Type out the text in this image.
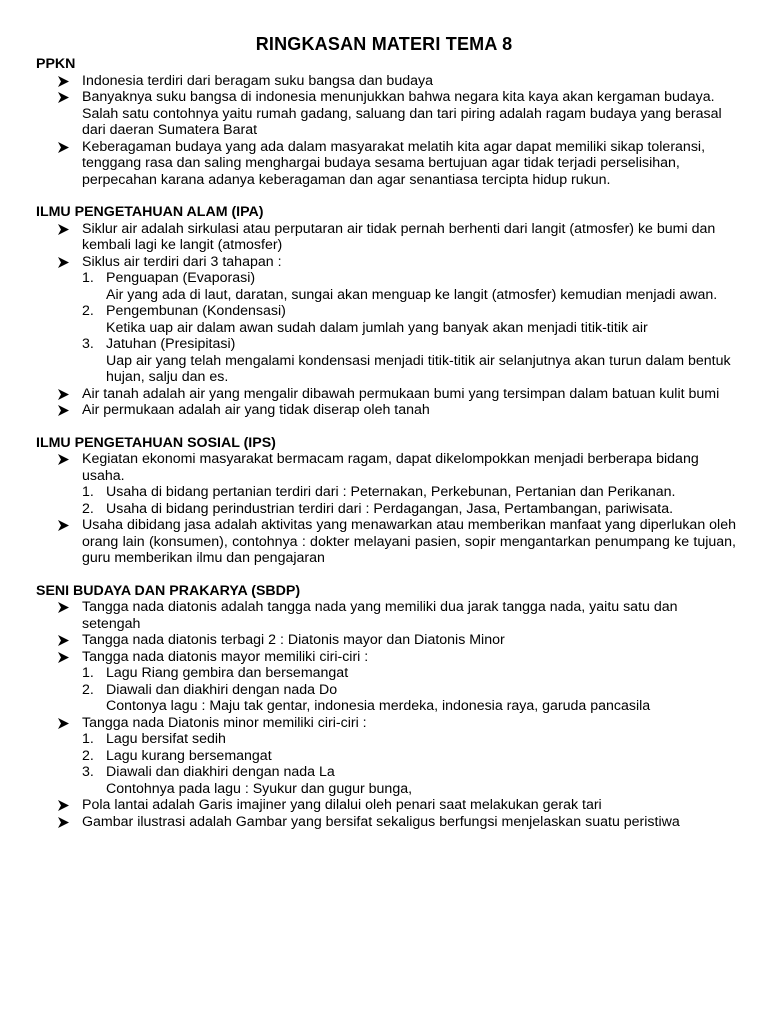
RINGKASAN MATERI TEMA 8
PPKN
Indonesia terdiri dari beragam suku bangsa dan budaya
Banyaknya suku bangsa di indonesia menunjukkan bahwa negara kita kaya akan kergaman budaya. Salah satu contohnya yaitu rumah gadang, saluang dan tari piring adalah ragam budaya yang berasal dari daeran Sumatera Barat
Keberagaman budaya yang ada dalam masyarakat melatih kita agar dapat memiliki sikap toleransi, tenggang rasa dan saling menghargai budaya sesama bertujuan agar tidak terjadi perselisihan, perpecahan karana adanya keberagaman dan agar senantiasa tercipta hidup rukun.
ILMU PENGETAHUAN ALAM (IPA)
Siklur air adalah sirkulasi atau perputaran air tidak pernah berhenti dari langit (atmosfer) ke bumi dan kembali lagi ke langit (atmosfer)
Siklus air terdiri dari 3 tahapan :
1. Penguapan (Evaporasi)
Air yang ada di laut, daratan, sungai akan menguap ke langit (atmosfer) kemudian menjadi awan.
2. Pengembunan (Kondensasi)
Ketika uap air dalam awan sudah dalam jumlah yang banyak akan menjadi titik-titik air
3. Jatuhan (Presipitasi)
Uap air yang telah mengalami kondensasi menjadi titik-titik air selanjutnya akan turun dalam bentuk hujan, salju dan es.
Air tanah adalah air yang mengalir dibawah permukaan bumi yang tersimpan dalam batuan kulit bumi
Air permukaan adalah air yang tidak diserap oleh tanah
ILMU PENGETAHUAN SOSIAL (IPS)
Kegiatan ekonomi masyarakat bermacam ragam, dapat dikelompokkan menjadi berberapa bidang usaha.
1. Usaha di bidang pertanian terdiri dari : Peternakan, Perkebunan, Pertanian dan Perikanan.
2. Usaha di bidang perindustrian terdiri dari : Perdagangan, Jasa, Pertambangan, pariwisata.
Usaha dibidang jasa adalah aktivitas yang menawarkan atau memberikan manfaat yang diperlukan oleh orang lain (konsumen), contohnya : dokter melayani pasien, sopir mengantarkan penumpang ke tujuan, guru memberikan ilmu dan pengajaran
SENI BUDAYA DAN PRAKARYA (SBDP)
Tangga nada diatonis adalah tangga nada yang memiliki dua jarak tangga nada, yaitu satu dan setengah
Tangga nada diatonis terbagi 2 : Diatonis mayor dan Diatonis Minor
Tangga nada diatonis mayor memiliki ciri-ciri :
1. Lagu Riang gembira dan bersemangat
2. Diawali dan diakhiri dengan nada Do
Contonya lagu : Maju tak gentar, indonesia merdeka, indonesia raya, garuda pancasila
Tangga nada Diatonis minor memiliki ciri-ciri :
1. Lagu bersifat sedih
2. Lagu kurang bersemangat
3. Diawali dan diakhiri dengan nada La
Contohnya pada lagu : Syukur dan gugur bunga,
Pola lantai adalah Garis imajiner yang dilalui oleh penari saat melakukan gerak tari
Gambar ilustrasi adalah Gambar yang bersifat sekaligus berfungsi menjelaskan suatu peristiwa
